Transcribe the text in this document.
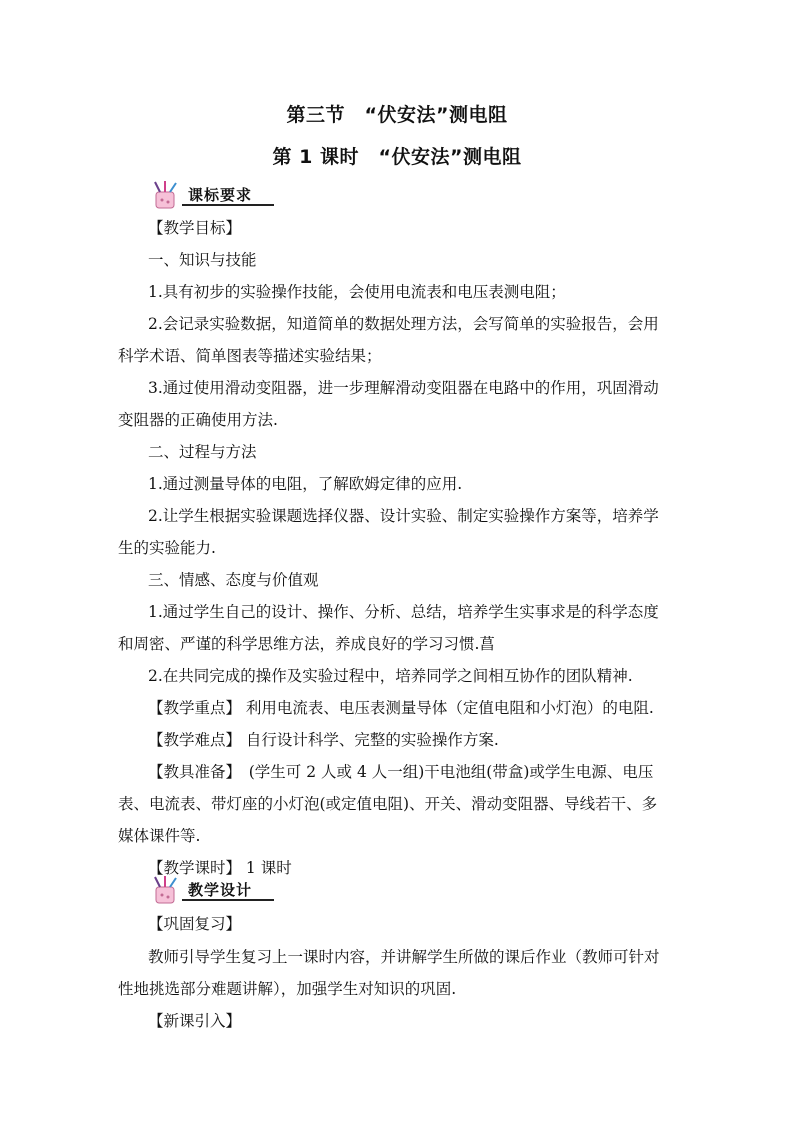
第三节　“伏安法”测电阻
第 1 课时　“伏安法”测电阻
课标要求
【教学目标】
一、知识与技能
1.具有初步的实验操作技能，会使用电流表和电压表测电阻；
2.会记录实验数据，知道简单的数据处理方法，会写简单的实验报告，会用
科学术语、简单图表等描述实验结果；
3.通过使用滑动变阻器，进一步理解滑动变阻器在电路中的作用，巩固滑动
变阻器的正确使用方法.
二、过程与方法
1.通过测量导体的电阻，了解欧姆定律的应用.
2.让学生根据实验课题选择仪器、设计实验、制定实验操作方案等，培养学
生的实验能力.
三、情感、态度与价值观
1.通过学生自己的设计、操作、分析、总结，培养学生实事求是的科学态度
和周密、严谨的科学思维方法，养成良好的学习习惯.菖
2.在共同完成的操作及实验过程中，培养同学之间相互协作的团队精神.
【教学重点】 利用电流表、电压表测量导体（定值电阻和小灯泡）的电阻.
【教学难点】 自行设计科学、完整的实验操作方案.
【教具准备】　(学生可 2 人或 4 人一组)干电池组(带盒)或学生电源、电压
表、电流表、带灯座的小灯泡(或定值电阻)、开关、滑动变阻器、导线若干、多
媒体课件等.
【教学课时】 1 课时
教学设计
【巩固复习】
教师引导学生复习上一课时内容，并讲解学生所做的课后作业（教师可针对
性地挑选部分难题讲解），加强学生对知识的巩固.
【新课引入】
